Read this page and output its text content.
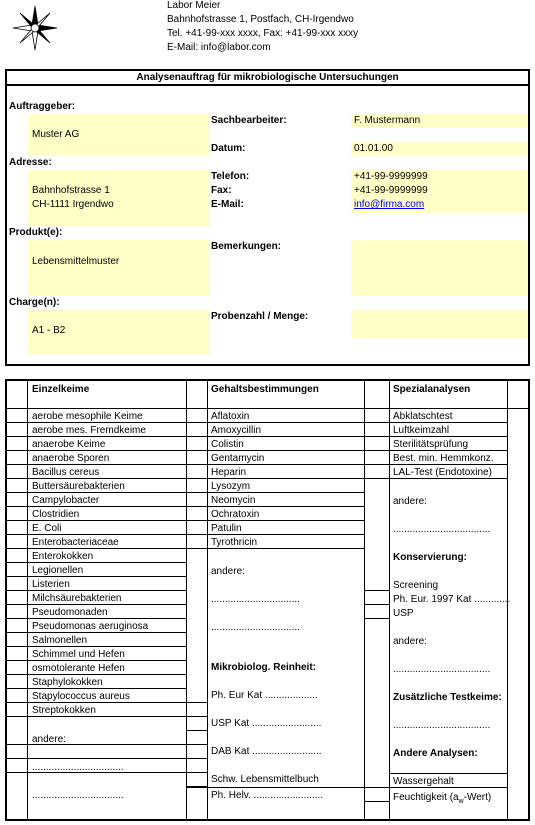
Labor Meier
Bahnhofstrasse 1, Postfach, CH-Irgendwo
Tel. +41-99-xxx xxxx, Fax: +41-99-xxx xxxy
E-Mail: info@labor.com
Analysenauftrag für mikrobiologische Untersuchungen
Auftraggeber:
Muster AG
Adresse:
Bahnhofstrasse 1
CH-1111 Irgendwo
Produkt(e):
Lebensmittelmuster
Charge(n):
A1 - B2
Sachbearbeiter:
Datum:
Telefon:
Fax:
E-Mail:
Bemerkungen:
Probenzahl / Menge:
F. Mustermann
01.01.00
+41-99-9999999
+41-99-9999999
info@firma.com
Einzelkeime	Gehaltsbestimmungen	Spezialanalysen
aerobe mesophile Keime
aerobe mes. Fremdkeime
anaerobe Keime
anaerobe Sporen
Bacillus cereus
Buttersäurebakterien
Campylobacter
Clostridien
E. Coli
Enterobacteriaceae
Enterokokken
Legionellen
Listerien
Milchsäurebakterien
Pseudomonaden
Pseudomonas aeruginosa
Salmonellen
Schimmel und Hefen
osmotolerante Hefen
Staphylokokken
Stapylococcus aureus
Streptokokken
Aflatoxin
Amoxycillin
Colistin
Gentamycin
Heparin
Lysozym
Neomycin
Ochratoxin
Patulin
Tyrothricin
Abklatschtest
Luftkeimzahl
Sterilitätsprüfung
Best. min. Hemmkonz.
LAL-Test (Endotoxine)
andere:
.................................
.................................
andere:
................................
................................
Mikrobiolog. Reinheit:
Ph. Eur Kat ...................
USP Kat .........................
DAB Kat .........................
Schw. Lebensmittelbuch
Ph. Helv. .........................
andere:
...................................
Konservierung:
Screening
Ph. Eur. 1997 Kat .............
USP
andere:
...................................
Zusätzliche Testkeime:
...................................
Andere Analysen:
Wassergehalt
Feuchtigkeit $(a_w-Wert)$
